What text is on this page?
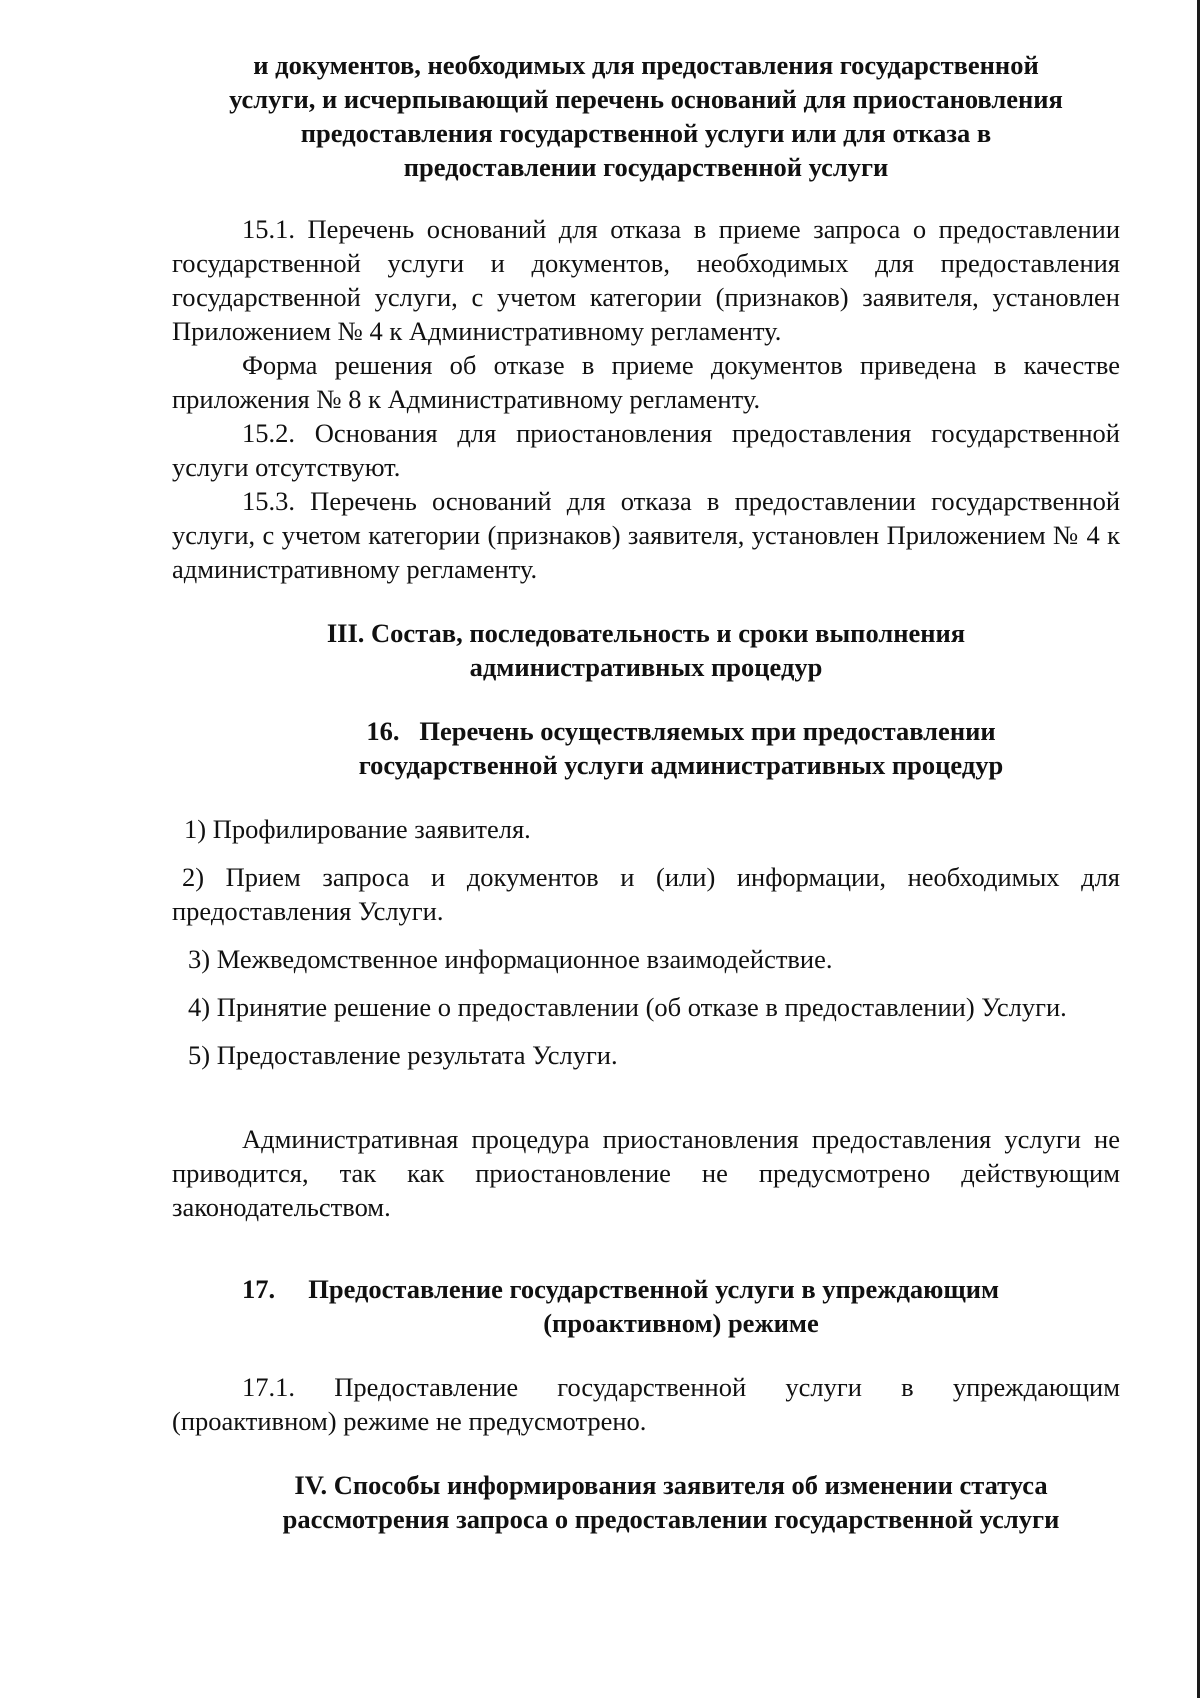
и документов, необходимых для предоставления государственной
услуги, и исчерпывающий перечень оснований для приостановления
предоставления государственной услуги или для отказа в
предоставлении государственной услуги

15.1. Перечень оснований для отказа в приеме запроса о предоставлении государственной услуги и документов, необходимых для предоставления государственной услуги, с учетом категории (признаков) заявителя, установлен Приложением № 4 к Административному регламенту.

Форма решения об отказе в приеме документов приведена в качестве приложения № 8 к Административному регламенту.

15.2. Основания для приостановления предоставления государственной услуги отсутствуют.

15.3. Перечень оснований для отказа в предоставлении государственной услуги, с учетом категории (признаков) заявителя, установлен Приложением № 4 к административному регламенту.

III. Состав, последовательность и сроки выполнения
административных процедур
16.   Перечень осуществляемых при предоставлении
государственной услуги административных процедур

1) Профилирование заявителя.

2) Прием запроса и документов и (или) информации, необходимых для предоставления Услуги.

3) Межведомственное информационное взаимодействие.

4) Принятие решение о предоставлении (об отказе в предоставлении) Услуги.

5) Предоставление результата Услуги.

Административная процедура приостановления предоставления услуги не приводится, так как приостановление не предусмотрено действующим законодательством.

17.     Предоставление государственной услуги в упреждающим
(проактивном) режиме

17.1. Предоставление государственной услуги в упреждающим (проактивном) режиме не предусмотрено.

IV. Способы информирования заявителя об изменении статуса
рассмотрения запроса о предоставлении государственной услуги
